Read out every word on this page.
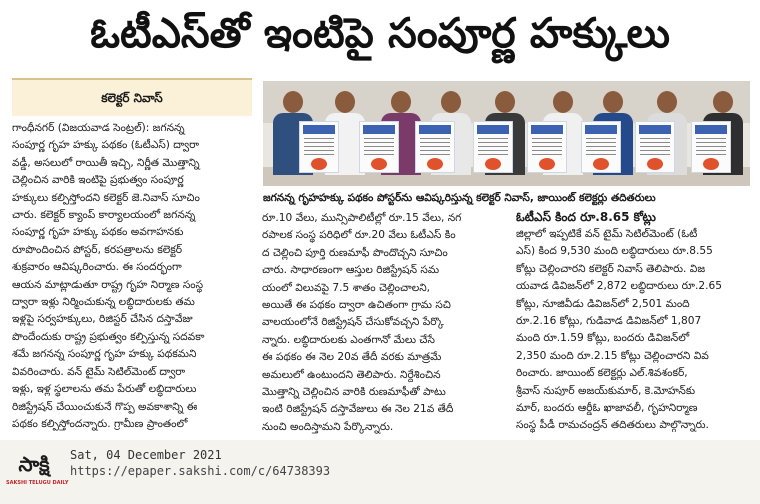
ఓటీఎస్‌తో ఇంటిపై సంపూర్ణ హక్కులు
కలెక్టర్‌ నివాస్‌

గాంధీనగర్‌ (విజయవాడ సెంట్రల్‌): జగనన్న

సంపూర్ణ గృహ హక్కు పథకం (ఓటీఎస్‌) ద్వారా

వడ్డీ, అసలులో రాయితీ ఇచ్చి, నిర్ణీత మొత్తాన్ని

చెల్లించిన వారికి ఇంటిపై ప్రభుత్వం సంపూర్ణ

హక్కులు కల్పిస్తోందని కలెక్టర్‌ జె.నివాస్‌ సూచిం

చారు. కలెక్టర్‌ క్యాంప్‌ కార్యాలయంలో జగనన్న

సంపూర్ణ గృహ హక్కు పథకం అవగాహనకు

రూపొందించిన పోస్టర్, కరపత్రాలను కలెక్టర్‌

శుక్రవారం ఆవిష్కరించారు. ఈ సందర్భంగా

ఆయన మాట్లాడుతూ రాష్ట్ర గృహ నిర్మాణ సంస్థ

ద్వారా ఇళ్లు నిర్మించుకున్న లబ్ధిదారులకు తమ

ఇళ్లపై సర్వహక్కులు, రిజిస్టర్‌ చేసిన దస్తావేజు

పొందేందుకు రాష్ట్ర ప్రభుత్వం కల్పిస్తున్న సదవకా

శమే జగనన్న సంపూర్ణ గృహ హక్కు పథకమని

వివరించారు. వన్‌ టైమ్‌ సెటిల్‌మెంట్‌ ద్వారా

ఇళ్లు, ఇళ్ల స్థలాలను తమ పేరుతో లబ్ధిదారులు

రిజిస్ట్రేషన్‌ చేయించుకునే గొప్ప అవకాశాన్ని ఈ

పథకం కల్పిస్తోందన్నారు. గ్రామీణ ప్రాంతంలో

జగనన్న గృహహక్కు పథకం పోస్టర్‌ను ఆవిష్కరిస్తున్న కలెక్టర్‌ నివాస్, జాయింట్‌ కలెక్టర్లు తదితరులు

రూ.10 వేలు, మున్సిపాలిటీల్లో రూ.15 వేలు, నగ

రపాలక సంస్థ పరిధిలో రూ.20 వేలు ఓటీఎస్‌ కిం

ద చెల్లించి పూర్తి రుణమాఫీ పొందొచ్చని సూచిం

చారు. సాధారణంగా ఆస్తుల రిజిస్ట్రేషన్‌ సమ

యంలో విలువపై 7.5 శాతం చెల్లించాలని,

అయితే ఈ పథకం ద్వారా ఉచితంగా గ్రామ సచి

వాలయంలోనే రిజిస్ట్రేషన్‌ చేసుకోవచ్చని పేర్కొ

న్నారు. లబ్ధిదారులకు ఎంతగానో మేలు చేసే

ఈ పథకం ఈ నెల 20వ తేదీ వరకు మాత్రమే

అమలులో ఉంటుందని తెలిపారు. నిర్దేశించిన

మొత్తాన్ని చెల్లించిన వారికి రుణమాఫీతో పాటు

ఇంటి రిజిస్ట్రేషన్‌ దస్తావేజులు ఈ నెల 21వ తేదీ

నుంచి అందిస్తామని పేర్కొన్నారు.

ఓటీఎస్‌ కింద రూ.8.65 కోట్లు

జిల్లాలో ఇప్పటికే వన్‌ టైమ్‌ సెటిల్‌మెంట్‌ (ఓటీ

ఎస్‌) కింద 9,530 మంది లబ్ధిదారులు రూ.8.55

కోట్లు చెల్లించారని కలెక్టర్‌ నివాస్‌ తెలిపారు. విజ

యవాడ డివిజన్‌లో 2,872 లబ్ధిదారులు రూ.2.65

కోట్లు, నూజివీడు డివిజన్‌లో 2,501 మంది

రూ.2.16 కోట్లు, గుడివాడ డివిజన్‌లో 1,807

మంది రూ.1.59 కోట్లు, బందరు డివిజన్‌లో

2,350 మంది రూ.2.15 కోట్లు చెల్లించారని వివ

రించారు. జాయింట్‌ కలెక్టర్లు ఎల్‌.శివశంకర్,

శ్రీవాస్‌ నుపూర్‌ అజయ్‌కుమార్, కె.మోహన్‌కు

మార్, బందరు ఆర్డీఓ ఖాజావలీ, గృహనిర్మాణ

సంస్థ పీడీ రామచంద్రన్‌ తదితరులు పాల్గొన్నారు.

సాక్షి
SAKSHI TELUGU DAILY
Sat, 04 December 2021
https://epaper.sakshi.com/c/64738393
